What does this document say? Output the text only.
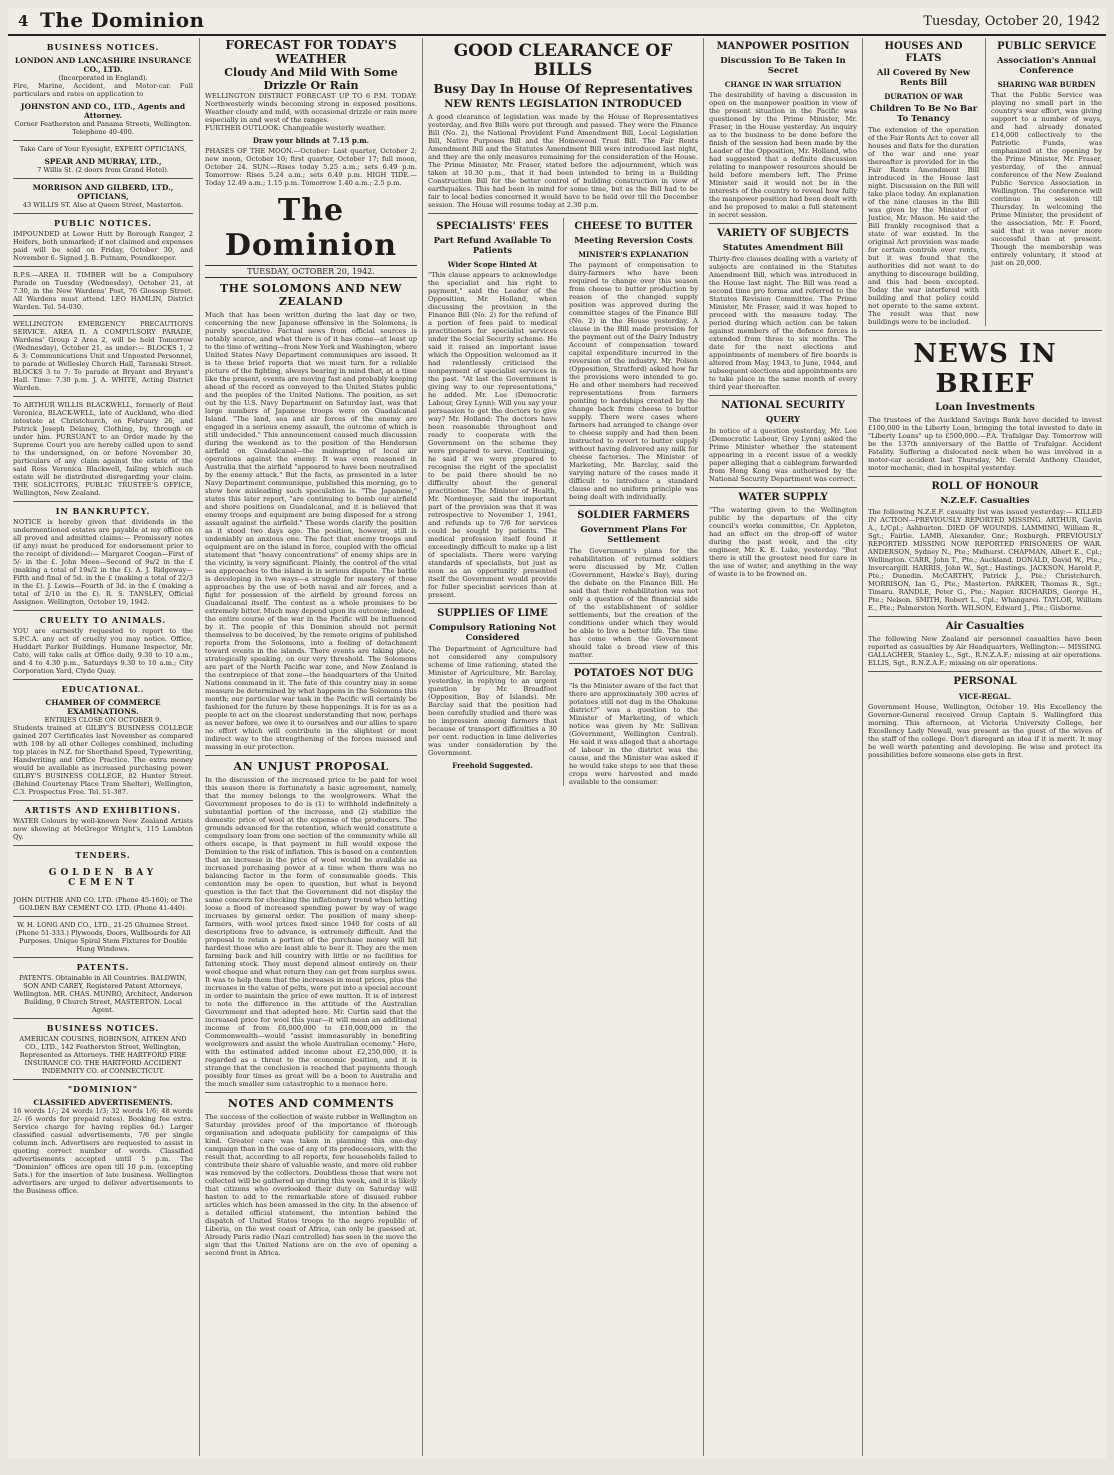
4 The Dominion	Tuesday, October 20, 1942
BUSINESS NOTICES.
LONDON AND LANCASHIRE INSURANCE CO., LTD.
(Incorporated in England).

Fire, Marine, Accident, and Motor-car. Full particulars and rates on application to

JOHNSTON AND CO., LTD., Agents and Attorney.
Corner Featherston and Panama Streets, Wellington. Telephone 40-400.
Take Care of Your Eyesight, EXPERT OPTICIANS,
SPEAR AND MURRAY, LTD.,
7 Willis St. (2 doors from Grand Hotel).
MORRISON AND GILBERD, LTD., OPTICIANS,
43 WILLIS ST. Also at Queen Street, Masterton.
PUBLIC NOTICES.

IMPOUNDED at Lower Hutt by Borough Ranger, 2 Heifers, both unmarked; if not claimed and expenses paid will be sold on Friday, October 30, and November 6. Signed J. B. Putnam, Poundkeeper.

R.P.S.—AREA II. TIMBER will be a Compulsory Parade on Tuesday (Wednesday), October 21, at 7.30, in the New Wardens' Post, 76 Glossop Street. All Wardens must attend. LEO HAMLIN, District Warden. Tel. 54-030.

WELLINGTON EMERGENCY PRECAUTIONS SERVICE. AREA II. A COMPULSORY PARADE, Wardens' Group 2 Area 2, will be held Tomorrow (Wednesday), October 21, as under:— BLOCKS 1, 2 & 3: Communications Unit and Unposted Personnel, to parade at Wellesley Church Hall, Taranaki Street. BLOCKS 3 to 7: To parade at Bryant and Bryant's Hall. Time: 7.30 p.m. J. A. WHITE, Acting District Warden.

To ARTHUR WILLIS BLACKWELL, formerly of Reid Veronica, BLACK-WELL, late of Auckland, who died intestate at Christchurch, on February 26, and Patrick Joseph Delaney, Clothing, by, through or under him. PURSUANT to an Order made by the Supreme Court you are hereby called upon to send to the undersigned, on or before November 30, particulars of any claim against the estate of the said Ross Veronica Blackwell, failing which such estate will be distributed disregarding your claim. THE SOLICITORS, PUBLIC TRUSTEE'S OFFICE, Wellington, New Zealand.

IN BANKRUPTCY.

NOTICE is hereby given that dividends in the undermentioned estates are payable at my office on all proved and admitted claims:— Promissory notes (if any) must be produced for endorsement prior to the receipt of dividend:— Margaret Coogan—First of 5/- in the £. John Meee—Second of 9s/2 in the £ (making a total of 19s/2 in the £). A. J. Ridgeway—Fifth and final of 5d. in the £ (making a total of 22/3 in the £). J. Lewis—Fourth of 3d. in the £ (making a total of 2/10 in the £). R. S. TANSLEY, Official Assignee. Wellington, October 19, 1942.

CRUELTY TO ANIMALS.

YOU are earnestly requested to report to the S.P.C.A. any act of cruelty you may notice. Office, Huddart Parker Buildings. Humane Inspector, Mr. Cato, will take calls at Office daily, 9.30 to 10 a.m., and 4 to 4.30 p.m., Saturdays 9.30 to 10 a.m.; City Corporation Yard, Clyde Quay.

EDUCATIONAL.
CHAMBER OF COMMERCE EXAMINATIONS.
ENTRIES CLOSE ON OCTOBER 9.

Students trained at GILBY'S BUSINESS COLLEGE gained 207 Certificates last November as compared with 198 by all other Colleges combined, including top places in N.Z. for Shorthand Speed, Typewriting, Handwriting and Office Practice. The extra money would be available as increased purchasing power. GILBY'S BUSINESS COLLEGE, 82 Hunter Street. (Behind Courtenay Place Tram Shelter), Wellington, C.3. Prospectus Free. Tel. 51-387.

ARTISTS AND EXHIBITIONS.

WATER Colours by well-known New Zealand Artists now showing at McGregor Wright's, 115 Lambton Qy.

TENDERS.
GOLDEN BAY CEMENT
JOHN DUTHIE AND CO. LTD. (Phone 45-160); or The GOLDEN BAY CEMENT CO. LTD. (Phone 41-440).
W. H. LONG AND CO., LTD., 21-25 Ghuznee Street. (Phone 51-333.) Plywoods, Doors, Wallboards for All Purposes. Unique Spiral Stem Fixtures for Double Hung Windows.
PATENTS.
PATENTS. Obtainable in All Countries. BALDWIN, SON AND CAREY, Registered Patent Attorneys, Wellington. MR. CHAS. MUNRO, Architect, Anderson Building, 9 Church Street, MASTERTON. Local Agent.
BUSINESS NOTICES.
AMERICAN COUSINS, ROBINSON, AITKEN AND CO., LTD., 142 Featherston Street, Wellington, Represented as Attorneys. THE HARTFORD FIRE INSURANCE CO. THE HARTFORD ACCIDENT INDEMNITY CO. of CONNECTICUT.
"DOMINION"
CLASSIFIED ADVERTISEMENTS.

16 words 1/-; 24 words 1/3; 32 words 1/6; 48 words 2/- (6 words for prepaid rates). Booking fee extra. Service charge for having replies 6d.) Larger classified casual advertisements, 7/6 per single column inch. Advertisers are requested to assist in quoting correct number of words. Classified advertisements accepted until 5 p.m. The "Dominion" offices are open till 10 p.m. (excepting Sats.) for the insertion of late business. Wellington advertisers are urged to deliver advertisements to the Business office.

FORECAST FOR TODAY'S WEATHER
Cloudy And Mild With Some Drizzle Or Rain

WELLINGTON DISTRICT FORECAST UP TO 6 P.M. TODAY: Northwesterly winds becoming strong in exposed positions. Weather cloudy and mild, with occasional drizzle or rain more especially in and west of the ranges.

FURTHER OUTLOOK: Changeable westerly weather.

Draw your blinds at 7.15 p.m.

PHASES OF THE MOON.—October: Last quarter, October 2; new moon, October 10; first quarter, October 17; full moon, October 24. SUN.—Rises today 5.25 a.m.; sets 6.49 p.m. Tomorrow: Rises 5.24 a.m.; sets 6.49 p.m. HIGH TIDE.—Today 12.49 a.m.; 1.15 p.m. Tomorrow 1.40 a.m.; 2.5 p.m.

The Dominion
TUESDAY, OCTOBER 20, 1942.
THE SOLOMONS AND NEW ZEALAND

Much that has been written during the last day or two, concerning the new Japanese offensive in the Solomons, is purely speculative. Factual news from official sources is notably scarce, and what there is of it has come—at least up to the time of writing—from New York and Washington, where United States Navy Department communiques are issued. It is to these brief reports that we must turn for a reliable picture of the fighting, always bearing in mind that, at a time like the present, events are moving fast and probably keeping ahead of the record as conveyed to the United States public and the peoples of the United Nations. The position, as set out by the U.S. Navy Department on Saturday last, was that large numbers of Japanese troops were on Guadalcanal Island. "The land, sea and air forces of the enemy are engaged in a serious enemy assault, the outcome of which is still undecided." This announcement caused much discussion during the weekend as to the position of the Henderson airfield on Guadalcanal—the mainspring of local air operations against the enemy. It was even reasoned in Australia that the airfield "appeared to have been neutralised by the enemy attack." But the facts, as presented in a later Navy Department communique, published this morning, go to show how misleading such speculation is. "The Japanese," states this later report, "are continuing to bomb our airfield and shore positions on Guadalcanal, and it is believed that enemy troops and equipment are being disposed for a strong assault against the airfield." These words clarify the position as it stood two days ago. The position, however, still is undeniably an anxious one. The fact that enemy troops and equipment are on the island in force, coupled with the official statement that "heavy concentrations" of enemy ships are in the vicinity, is very significant. Plainly, the control of the vital sea approaches to the island is in serious dispute. The battle is developing in two ways—a struggle for mastery of those approaches by the use of both naval and air forces, and a fight for possession of the airfield by ground forces on Guadalcanal itself. The contest as a whole promises to be extremely bitter. Much may depend upon its outcome; indeed, the entire course of the war in the Pacific will be influenced by it. The people of this Dominion should not permit themselves to be deceived, by the remote origins of published reports from the Solomons, into a feeling of detachment toward events in the islands. There events are taking place, strategically speaking, on our very threshold. The Solomons are part of the North Pacific war zone, and New Zealand is the centrepiece of that zone—the headquarters of the United Nations command in it. The fate of this country may in some measure be determined by what happens in the Solomons this month; our particular war task in the Pacific will certainly be fashioned for the future by these happenings. It is for us as a people to act on the clearest understanding that now, perhaps as never before, we owe it to ourselves and our allies to spare no effort which will contribute in the slightest or most indirect way to the strengthening of the forces massed and massing in our protection.

AN UNJUST PROPOSAL

In the discussion of the increased price to be paid for wool this season there is fortunately a basic agreement, namely, that the money belongs to the woolgrowers. What the Government proposes to do is (1) to withhold indefinitely a substantial portion of the increase, and (2) stabilize the domestic price of wool at the expense of the producers. The grounds advanced for the retention, which would constitute a compulsory loan from one section of the community while all others escape, is that payment in full would expose the Dominion to the risk of inflation. This is based on a contention that an increase in the price of wool would be available as increased purchasing power at a time when there was no balancing factor in the form of consumable goods. This contention may be open to question, but what is beyond question is the fact that the Government did not display the same concern for checking the inflationary trend when letting loose a flood of increased spending power by way of wage increases by general order. The position of many sheep-farmers, with wool prices fixed since 1940 for costs of all descriptions free to advance, is extremely difficult. And the proposal to retain a portion of the purchase money will hit hardest those who are least able to bear it. They are the men farming back and hill country with little or no facilities for fattening stock. They must depend almost entirely on their wool cheque and what return they can get from surplus ewes. It was to help them that the increases in meat prices, plus the increases in the value of pelts, were put into a special account in order to maintain the price of ewe mutton. It is of interest to note the difference in the attitude of the Australian Government and that adopted here. Mr. Curtin said that the increased price for wool this year—it will mean an additional income of from £6,000,000 to £10,000,000 in the Commonwealth—would "assist immeasurably in benefiting woolgrowers and assist the whole Australian economy." Here, with the estimated added income about £2,250,000, it is regarded as a threat to the economic position, and it is strange that the conclusion is reached that payments though possibly four times as great will be a boon to Australia and the much smaller sum catastrophic to a menace here.

NOTES AND COMMENTS

The success of the collection of waste rubber in Wellington on Saturday provides proof of the importance of thorough organisation and adequate publicity for campaigns of this kind. Greater care was taken in planning this one-day campaign than in the case of any of its predecessors, with the result that, according to all reports, few households failed to contribute their share of valuable waste, and more old rubber was removed by the collectors. Doubtless those that were not collected will be gathered up during this week, and it is likely that citizens who overlooked their duty on Saturday will hasten to add to the remarkable store of disused rubber articles which has been amassed in the city. In the absence of a detailed official statement, the intention behind the dispatch of United States troops to the negro republic of Liberia, on the west coast of Africa, can only be guessed at. Already Paris radio (Nazi controlled) has seen in the move the sign that the United Nations are on the eve of opening a second front in Africa.

GOOD CLEARANCE OF BILLS
Busy Day In House Of Representatives
NEW RENTS LEGISLATION INTRODUCED

A good clearance of legislation was made by the House of Representatives yesterday, and five Bills were put through and passed. They were the Finance Bill (No. 2), the National Provident Fund Amendment Bill, Local Legislation Bill, Native Purposes Bill and the Homewood Trust Bill. The Fair Rents Amendment Bill and the Statutes Amendment Bill were introduced last night, and they are the only measures remaining for the consideration of the House. The Prime Minister, Mr. Fraser, stated before the adjournment, which was taken at 10.30 p.m., that it had been intended to bring in a Building Construction Bill for the better control of building construction in view of earthquakes. This had been in mind for some time, but as the Bill had to be fair to local bodies concerned it would have to be held over till the December session. The House will resume today at 2.30 p.m.

SPECIALISTS' FEES
Part Refund Available To Patients
Wider Scope Hinted At

"This clause appears to acknowledge the specialist and his right to payment," said the Leader of the Opposition, Mr. Holland, when discussing the provision in the Finance Bill (No. 2) for the refund of a portion of fees paid to medical practitioners for specialist services under the Social Security scheme. He said it raised an important issue which the Opposition welcomed as it had relentlessly criticised the nonpayment of specialist services in the past. "At last the Government is giving way to our representations," he added. Mr. Lee (Democratic Labour, Grey Lynn): Will you say your persuasion to get the doctors to give way? Mr. Holland: The doctors have been reasonable throughout and ready to cooperate with the Government on the scheme they were prepared to serve. Continuing, he said if we were prepared to recognise the right of the specialist to be paid there should be no difficulty about the general practitioner. The Minister of Health, Mr. Nordmeyer, said the important part of the provision was that it was retrospective to November 1, 1941, and refunds up to 7/6 for services could be sought by patients. The medical profession itself found it exceedingly difficult to make up a list of specialists. There were varying standards of specialists, but just as soon as an opportunity presented itself the Government would provide for fuller specialist services than at present.

SUPPLIES OF LIME
Compulsory Rationing Not Considered

The Department of Agriculture had not considered any compulsory scheme of lime rationing, stated the Minister of Agriculture, Mr. Barclay, yesterday, in replying to an urgent question by Mr. Broadfoot (Opposition, Bay of Islands). Mr. Barclay said that the position had been carefully studied and there was no impression among farmers that because of transport difficulties a 30 per cent. reduction in lime deliveries was under consideration by the Government.

Freehold Suggested.
CHEESE TO BUTTER
Meeting Reversion Costs
MINISTER'S EXPLANATION

The payment of compensation to dairy-farmers who have been required to change over this season from cheese to butter production by reason of the changed supply position was approved during the committee stages of the Finance Bill (No. 2) in the House yesterday. A clause in the Bill made provision for the payment out of the Dairy Industry Account of compensation toward capital expenditure incurred in the reversion of the industry. Mr. Polson (Opposition, Stratford) asked how far the provisions were intended to go. He and other members had received representations from farmers pointing to hardships created by the change back from cheese to butter supply. There were cases where farmers had arranged to change over to cheese supply and had then been instructed to revert to butter supply without having delivered any milk for cheese factories. The Minister of Marketing, Mr. Barclay, said the varying nature of the cases made it difficult to introduce a standard clause and no uniform principle was being dealt with individually.

SOLDIER FARMERS
Government Plans For Settlement

The Government's plans for the rehabilitation of returned soldiers were discussed by Mr. Cullen (Government, Hawke's Bay), during the debate on the Finance Bill. He said that their rehabilitation was not only a question of the financial side of the establishment of soldier settlements, but the creation of the conditions under which they would be able to live a better life. The time has come when the Government should take a broad view of this matter.

POTATOES NOT DUG

"Is the Minister aware of the fact that there are approximately 300 acres of potatoes still not dug in the Ohakune district?" was a question to the Minister of Marketing, of which notice was given by Mr. Sullivan (Government, Wellington Central). He said it was alleged that a shortage of labour in the district was the cause, and the Minister was asked if he would take steps to see that these crops were harvested and made available to the consumer.

MANPOWER POSITION
Discussion To Be Taken In Secret
CHANGE IN WAR SITUATION

The desirability of having a discussion in open on the manpower position in view of the present situation in the Pacific was questioned by the Prime Minister, Mr. Fraser, in the House yesterday. An inquiry as to the business to be done before the finish of the session had been made by the Leader of the Opposition, Mr. Holland, who had suggested that a definite discussion relating to manpower resources should be held before members left. The Prime Minister said it would not be in the interests of the country to reveal how fully the manpower position had been dealt with and he proposed to make a full statement in secret session.

VARIETY OF SUBJECTS
Statutes Amendment Bill

Thirty-five clauses dealing with a variety of subjects are contained in the Statutes Amendment Bill, which was introduced in the House last night. The Bill was read a second time pro forma and referred to the Statutes Revision Committee. The Prime Minister, Mr. Fraser, said it was hoped to proceed with the measure today. The period during which action can be taken against members of the defence forces is extended from three to six months. The date for the next elections and appointments of members of fire boards is altered from May, 1943, to June, 1944, and subsequent elections and appointments are to take place in the same month of every third year thereafter.

NATIONAL SECURITY
QUERY

In notice of a question yesterday, Mr. Lee (Democratic Labour, Grey Lynn) asked the Prime Minister whether the statement appearing in a recent issue of a weekly paper alleging that a cablegram forwarded from Hong Kong was authorised by the National Security Department was correct.

WATER SUPPLY

"The watering given to the Wellington public by the departure of the city council's works committee, Cr. Appleton, had an effect on the drop-off of water during the past week, and the city engineer, Mr. K. E. Luke, yesterday. "But there is still the greatest need for care in the use of water, and anything in the way of waste is to be frowned on.

HOUSES AND FLATS
All Covered By New Rents Bill
DURATION OF WAR
Children To Be No Bar To Tenancy

The extension of the operation of the Fair Rents Act to cover all houses and flats for the duration of the war and one year thereafter is provided for in the Fair Rents Amendment Bill introduced in the House last night. Discussion on the Bill will take place today. An explanation of the nine clauses in the Bill was given by the Minister of Justice, Mr. Mason. He said the Bill frankly recognised that a state of war existed. In the original Act provision was made for certain controls over rents, but it was found that the authorities did not want to do anything to discourage building, and this had been excepted. Today the war interfered with building and that policy could not operate to the same extent. The result was that new buildings were to be included.

PUBLIC SERVICE
Association's Annual Conference
SHARING WAR BURDEN

That the Public Service was playing no small part in the country's war effort, was giving support to a number of ways, and had already donated £14,000 collectively to the Patriotic Funds, was emphasized at the opening by the Prime Minister, Mr. Fraser, yesterday, of the annual conference of the New Zealand Public Service Association in Wellington. The conference will continue in session till Thursday. In welcoming the Prime Minister, the president of the association, Mr. F. Foord, said that it was never more successful than at present. Though the membership was entirely voluntary, it stood at just on 20,000.

NEWS IN BRIEF
Loan Investments

The trustees of the Auckland Savings Bank have decided to invest £100,000 in the Liberty Loan, bringing the total invested to date in "Liberty Loans" up to £500,000.—P.A. Trafalgar Day. Tomorrow will be the 137th anniversary of the Battle of Trafalgar. Accident Fatality. Suffering a dislocated neck when he was involved in a motor-car accident last Thursday, Mr. Gerald Anthony Claudet, motor mechanic, died in hospital yesterday.

ROLL OF HONOUR
N.Z.E.F. Casualties

The following N.Z.E.F. casualty list was issued yesterday:— KILLED IN ACTION—PREVIOUSLY REPORTED MISSING. ARTHUR, Gavin A., L/Cpl.; Ashburton. DIED OF WOUNDS. LAMMING, William R., Sgt.; Fairlie. LAMB, Alexander, Gnr.; Roxburgh. PREVIOUSLY REPORTED MISSING NOW REPORTED PRISONERS OF WAR. ANDERSON, Sydney N., Pte.; Midhurst. CHAPMAN, Albert E., Cpl.; Wellington. CARR, John T., Pte.; Auckland. DONALD, David W., Pte.; Invercargill. HARRIS, John W., Sgt.; Hastings. JACKSON, Harold P., Pte.; Dunedin. McCARTHY, Patrick J., Pte.; Christchurch. MORRISON, Ian G., Pte.; Masterton. PARKER, Thomas R., Sgt.; Timaru. RANDLE, Peter G., Pte.; Napier. RICHARDS, George H., Pte.; Nelson. SMITH, Robert L., Cpl.; Whangarei. TAYLOR, William E., Pte.; Palmerston North. WILSON, Edward J., Pte.; Gisborne.

Air Casualties

The following New Zealand air personnel casualties have been reported as casualties by Air Headquarters, Wellington:— MISSING. GALLAGHER, Stanley L., Sgt., R.N.Z.A.F.; missing at air operations. ELLIS, Sgt., R.N.Z.A.F.; missing on air operations.

PERSONAL
VICE-REGAL.

Government House, Wellington, October 19. His Excellency the Governor-General received Group Captain S. Wallingford this morning. This afternoon, at Victoria University College, her Excellency Lady Newall, was present as the guest of the wives of the staff of the college. Don't disregard an idea if it is merit. It may be well worth patenting and developing. Be wise and protect its possibilities before someone else gets in first.
